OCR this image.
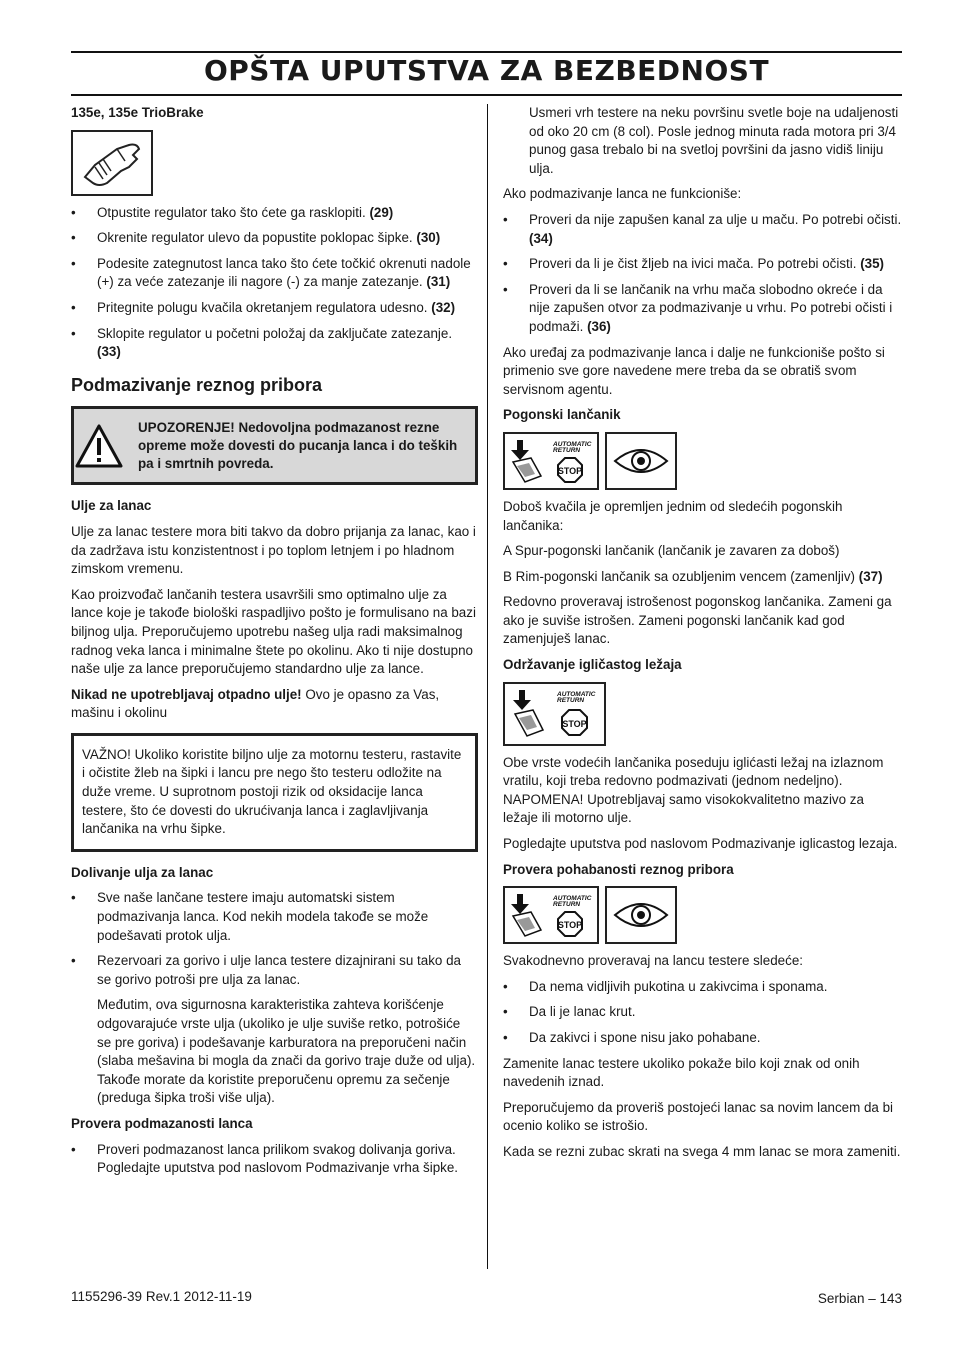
OPŠTA UPUTSTVA ZA BEZBEDNOST
135e, 135e TrioBrake
• Otpustite regulator tako što ćete ga rasklopiti. (29)
• Okrenite regulator ulevo da popustite poklopac šipke. (30)
• Podesite zategnutost lanca tako što ćete točkić okrenuti nadole (+) za veće zatezanje ili nagore (-) za manje zatezanje. (31)
• Pritegnite polugu kvačila okretanjem regulatora udesno. (32)
• Sklopite regulator u početni položaj da zaključate zatezanje. (33)
Podmazivanje reznog pribora
UPOZORENJE! Nedovoljna podmazanost rezne opreme može dovesti do pucanja lanca i do teških pa i smrtnih povreda.
Ulje za lanac

Ulje za lanac testere mora biti takvo da dobro prijanja za lanac, kao i da zadržava istu konzistentnost i po toplom letnjem i po hladnom zimskom vremenu.

Kao proizvođač lančanih testera usavršili smo optimalno ulje za lance koje je takođe biološki raspadljivo pošto je formulisano na bazi biljnog ulja. Preporučujemo upotrebu našeg ulja radi maksimalnog radnog veka lanca i minimalne štete po okolinu. Ako ti nije dostupno naše ulje za lance preporučujemo standardno ulje za lance.

Nikad ne upotrebljavaj otpadno ulje! Ovo je opasno za Vas, mašinu i okolinu

VAŽNO! Ukoliko koristite biljno ulje za motornu testeru, rastavite i očistite žleb na šipki i lancu pre nego što testeru odložite na duže vreme. U suprotnom postoji rizik od oksidacije lanca testere, što će dovesti do ukrućivanja lanca i zaglavljivanja lančanika na vrhu šipke.
Dolivanje ulja za lanac
• Sve naše lančane testere imaju automatski sistem podmazivanja lanca. Kod nekih modela takođe se može podešavati protok ulja.
• Rezervoari za gorivo i ulje lanca testere dizajnirani su tako da se gorivo potroši pre ulja za lanac.
Međutim, ova sigurnosna karakteristika zahteva korišćenje odgovarajuće vrste ulja (ukoliko je ulje suviše retko, potrošiće se pre goriva) i podešavanje karburatora na preporučeni način (slaba mešavina bi mogla da znači da gorivo traje duže od ulja). Takođe morate da koristite preporučenu opremu za sečenje (preduga šipka troši više ulja).
Provera podmazanosti lanca
• Proveri podmazanost lanca prilikom svakog dolivanja goriva. Pogledajte uputstva pod naslovom Podmazivanje vrha šipke.
Usmeri vrh testere na neku površinu svetle boje na udaljenosti od oko 20 cm (8 col). Posle jednog minuta rada motora pri 3/4 punog gasa trebalo bi na svetloj površini da jasno vidiš liniju ulja.

Ako podmazivanje lanca ne funkcioniše:

• Proveri da nije zapušen kanal za ulje u maču. Po potrebi očisti. (34)
• Proveri da li je čist žljeb na ivici mača. Po potrebi očisti. (35)
• Proveri da li se lančanik na vrhu mača slobodno okreće i da nije zapušen otvor za podmazivanje u vrhu. Po potrebi očisti i podmaži. (36)

Ako uređaj za podmazivanje lanca i dalje ne funkcioniše pošto si primenio sve gore navedene mere treba da se obratiš svom servisnom agentu.

Pogonski lančanik
AUTOMATIC
RETURN
STOP

Doboš kvačila je opremljen jednim od sledećih pogonskih lančanika:

A Spur-pogonski lančanik (lančanik je zavaren za doboš)

B Rim-pogonski lančanik sa ozubljenim vencem (zamenljiv) (37)

Redovno proveravaj istrošenost pogonskog lančanika. Zameni ga ako je suviše istrošen. Zameni pogonski lančanik kad god zamenjuješ lanac.

Održavanje igličastog ležaja
AUTOMATIC
RETURN
STOP

Obe vrste vodećih lančanika poseduju iglićasti ležaj na izlaznom vratilu, koji treba redovno podmazivati (jednom nedeljno). NAPOMENA! Upotrebljavaj samo visokokvalitetno mazivo za ležaje ili motorno ulje.

Pogledajte uputstva pod naslovom Podmazivanje iglicastog lezaja.

Provera pohabanosti reznog pribora
AUTOMATIC
RETURN
STOP

Svakodnevno proveravaj na lancu testere sledeće:

• Da nema vidljivih pukotina u zakivcima i sponama.
• Da li je lanac krut.
• Da zakivci i spone nisu jako pohabane.

Zamenite lanac testere ukoliko pokaže bilo koji znak od onih navedenih iznad.

Preporučujemo da proveriš postojeći lanac sa novim lancem da bi ocenio koliko se istrošio.

Kada se rezni zubac skrati na svega 4 mm lanac se mora zameniti.

1155296-39 Rev.1 2012-11-19	Serbian – 143
